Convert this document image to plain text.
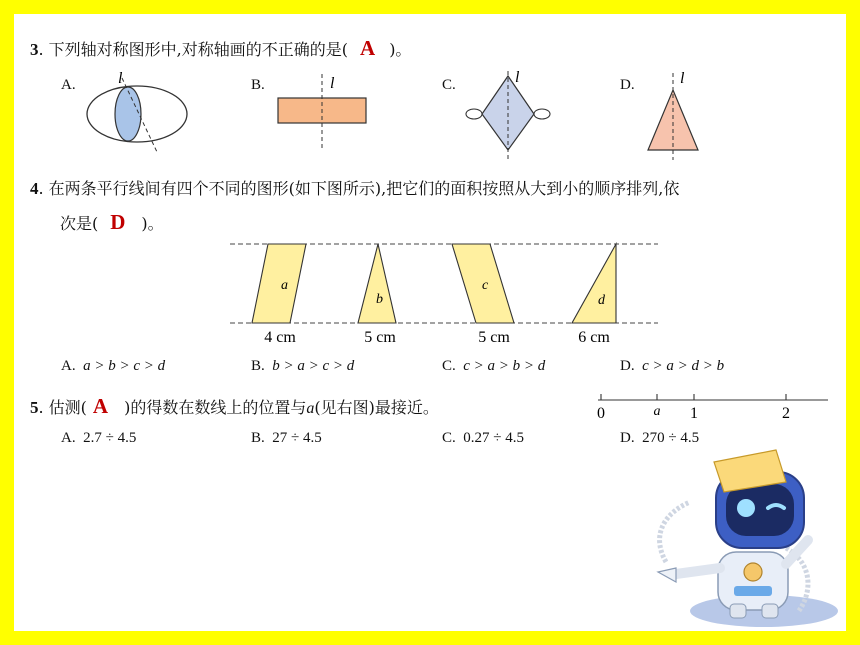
3. 下列轴对称图形中,对称轴画的不正确的是( A )。
A.	B.	C.	D.
l	l	l	l
4. 在两条平行线间有四个不同的图形(如下图所示),把它们的面积按照从大到小的顺序排列,依
次是( D )。
a
b
c
d
4 cm	5 cm	5 cm	6 cm
A. a > b > c > d	B. b > a > c > d	C. c > a > b > d	D. c > a > d > b
5. 估测( A )的得数在数线上的位置与a(见右图)最接近。	0	a 1	2
A. 2.7 ÷ 4.5	B. 27 ÷ 4.5	C. 0.27 ÷ 4.5	D. 270 ÷ 4.5
